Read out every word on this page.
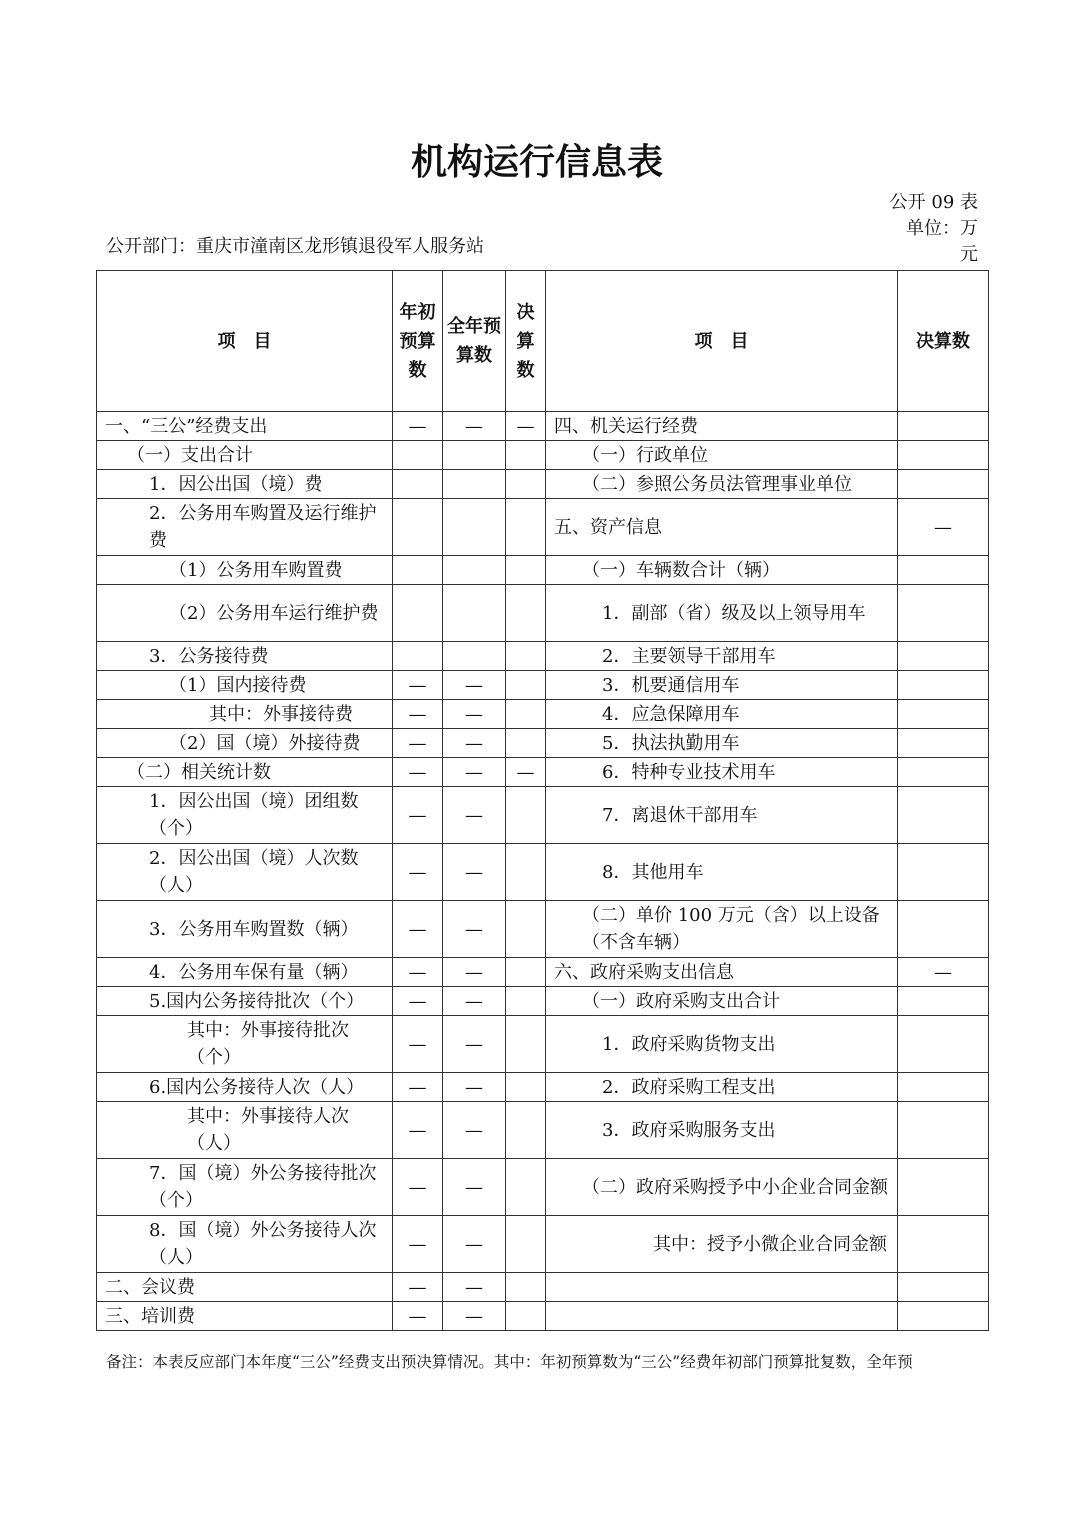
机构运行信息表
公开 09 表
单位：万元
公开部门：重庆市潼南区龙形镇退役军人服务站
项　目	年初预算数	全年预算数	决算数	项　目	决算数
一、“三公”经费支出	—	—	—	四、机关运行经费	
（一）支出合计				（一）行政单位	
1．因公出国（境）费				（二）参照公务员法管理事业单位	
2．公务用车购置及运行维护费				五、资产信息	—
（1）公务用车购置费				（一）车辆数合计（辆）	
（2）公务用车运行维护费				1．副部（省）级及以上领导用车	
3．公务接待费				2．主要领导干部用车	
（1）国内接待费	—	—		3．机要通信用车	
其中：外事接待费	—	—		4．应急保障用车	
（2）国（境）外接待费	—	—		5．执法执勤用车	
（二）相关统计数	—	—	—	6．特种专业技术用车	
1．因公出国（境）团组数（个）	—	—		7．离退休干部用车	
2．因公出国（境）人次数（人）	—	—		8．其他用车	
3．公务用车购置数（辆）	—	—		（二）单价 100 万元（含）以上设备（不含车辆）	
4．公务用车保有量（辆）	—	—		六、政府采购支出信息	—
5.国内公务接待批次（个）	—	—		（一）政府采购支出合计	
其中：外事接待批次（个）	—	—		1．政府采购货物支出	
6.国内公务接待人次（人）	—	—		2．政府采购工程支出	
其中：外事接待人次（人）	—	—		3．政府采购服务支出	
7．国（境）外公务接待批次（个）	—	—		（二）政府采购授予中小企业合同金额	
8．国（境）外公务接待人次（人）	—	—		其中：授予小微企业合同金额	
二、会议费	—	—			
三、培训费	—	—			
备注：本表反应部门本年度“三公”经费支出预决算情况。其中：年初预算数为“三公”经费年初部门预算批复数，全年预
